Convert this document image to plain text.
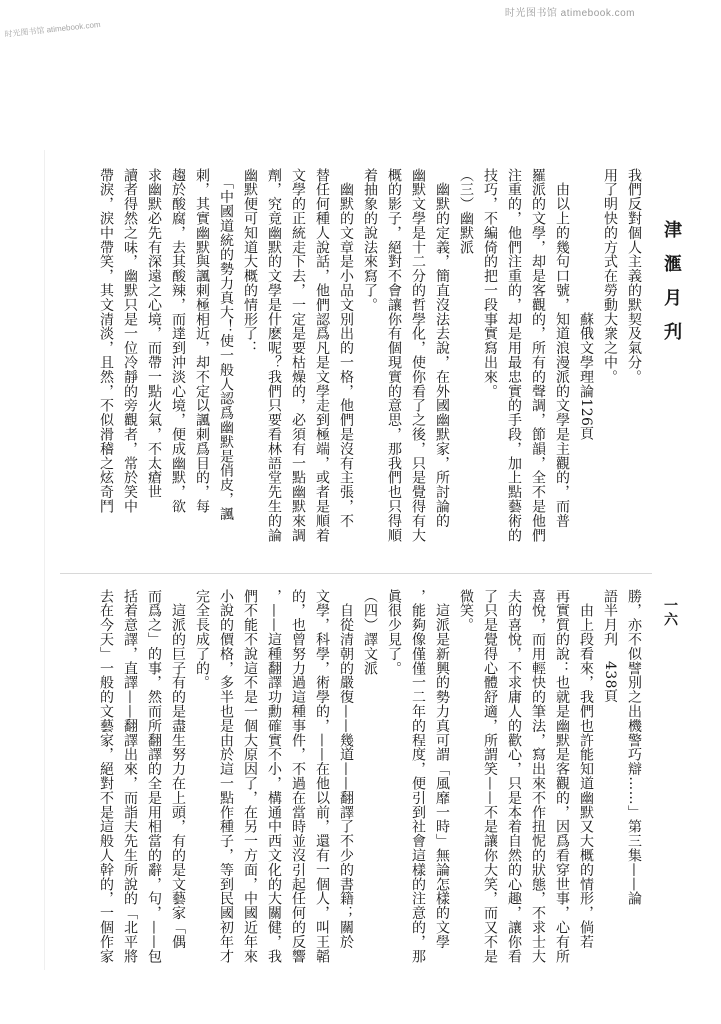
时光图书馆 atimebook.com
时光图书馆 atimebook.com
津滙月刋
一六
我們反對個人主義的默契及氣分。
用了明快的方式在勞動大衆之中。
　　　　　　　　　　蘇俄文學理論126頁
　由以上的幾句口號，知道浪漫派的文學是主觀的，而普
羅派的文學，却是客觀的，所有的聲調，節韻，全不是他們
注重的，他們注重的，却是用最忠實的手段，加上點藝術的
技巧，不編倚的把一段事實寫出來。
（三）幽默派
　幽默的定義，簡直沒法去說，在外國幽默家，所討論的
幽默文學是十二分的哲學化，使你看了之後，只是覺得有大
概的影子，絕對不會讓你有個現實的意思，那我們也只得順
着抽象的說法來寫了。
　幽默的文章是小品文別出的一格，他們是沒有主張，不
替任何種人說話，他們認爲凡是文學走到極端，或者是順着
文學的正統走下去，一定是要枯燥的，必須有一點幽默來調
劑，究竟幽默的文學是什麽呢？我們只要看林語堂先生的論
幽默便可知道大概的情形了：
　「中國道統的勢力真大！使一般人認爲幽默是俏皮，諷
刺，其實幽默與諷刺極相近，却不定以諷刺爲目的，每
趨於酸腐，去其酸辣，而達到沖淡心境，便成幽默，欲
求幽默必先有深遠之心境，而帶一點火氣，不太瘡世
讀者得然之味，幽默只是一位冷靜的旁觀者，常於笑中
帶淚，淚中帶笑，其文清淡，且然，不似滑稽之炫奇鬥
勝，亦不似譬別之出機警巧辯……」第三集——論
語半月刋　438頁
　由上段看來，我們也許能知道幽默又大概的情形，倘若
再實質的說：也就是幽默是客觀的，因爲看穿世事，心有所
喜悅，而用輕快的筆法，寫出來不作扭怩的狀態，不求士大
夫的喜悅，不求庸人的歡心，只是本着自然的心趣，讓你看
了只是覺得心體舒適，所謂笑——不是讓你大笑，而又不是
微笑。
　這派是新興的勢力真可謂「風靡一時」無論怎樣的文學
，能夠像僅僅一二年的程度，便引到社會這樣的注意的，那
眞很少見了。
（四）譯文派
　自從清朝的嚴復——幾道——翻譯了不少的書籍；關於
文學，科學，術學的，——在他以前，還有一個人，叫王韜
的，也曾努力過這種事件，不過在當時並沒引起任何的反響
，——這種翻譯功勳確實不小，構通中西文化的大關健，我
們不能不說這不是一個大原因了，在另一方面，中國近年來
小說的價格，多半也是由於這一點作種子，等到民國初年才
完全長成了的。
　這派的巨子有的是盡生努力在上頭，有的是文藝家「偶
而爲之」的事，然而所翻譯的全是用相當的辭，句，——包
括着意譯，直譯——翻譯出來，而詣夫先生所說的「北平將
去在今天」一般的文藝家，絕對不是這般人幹的，一個作家
